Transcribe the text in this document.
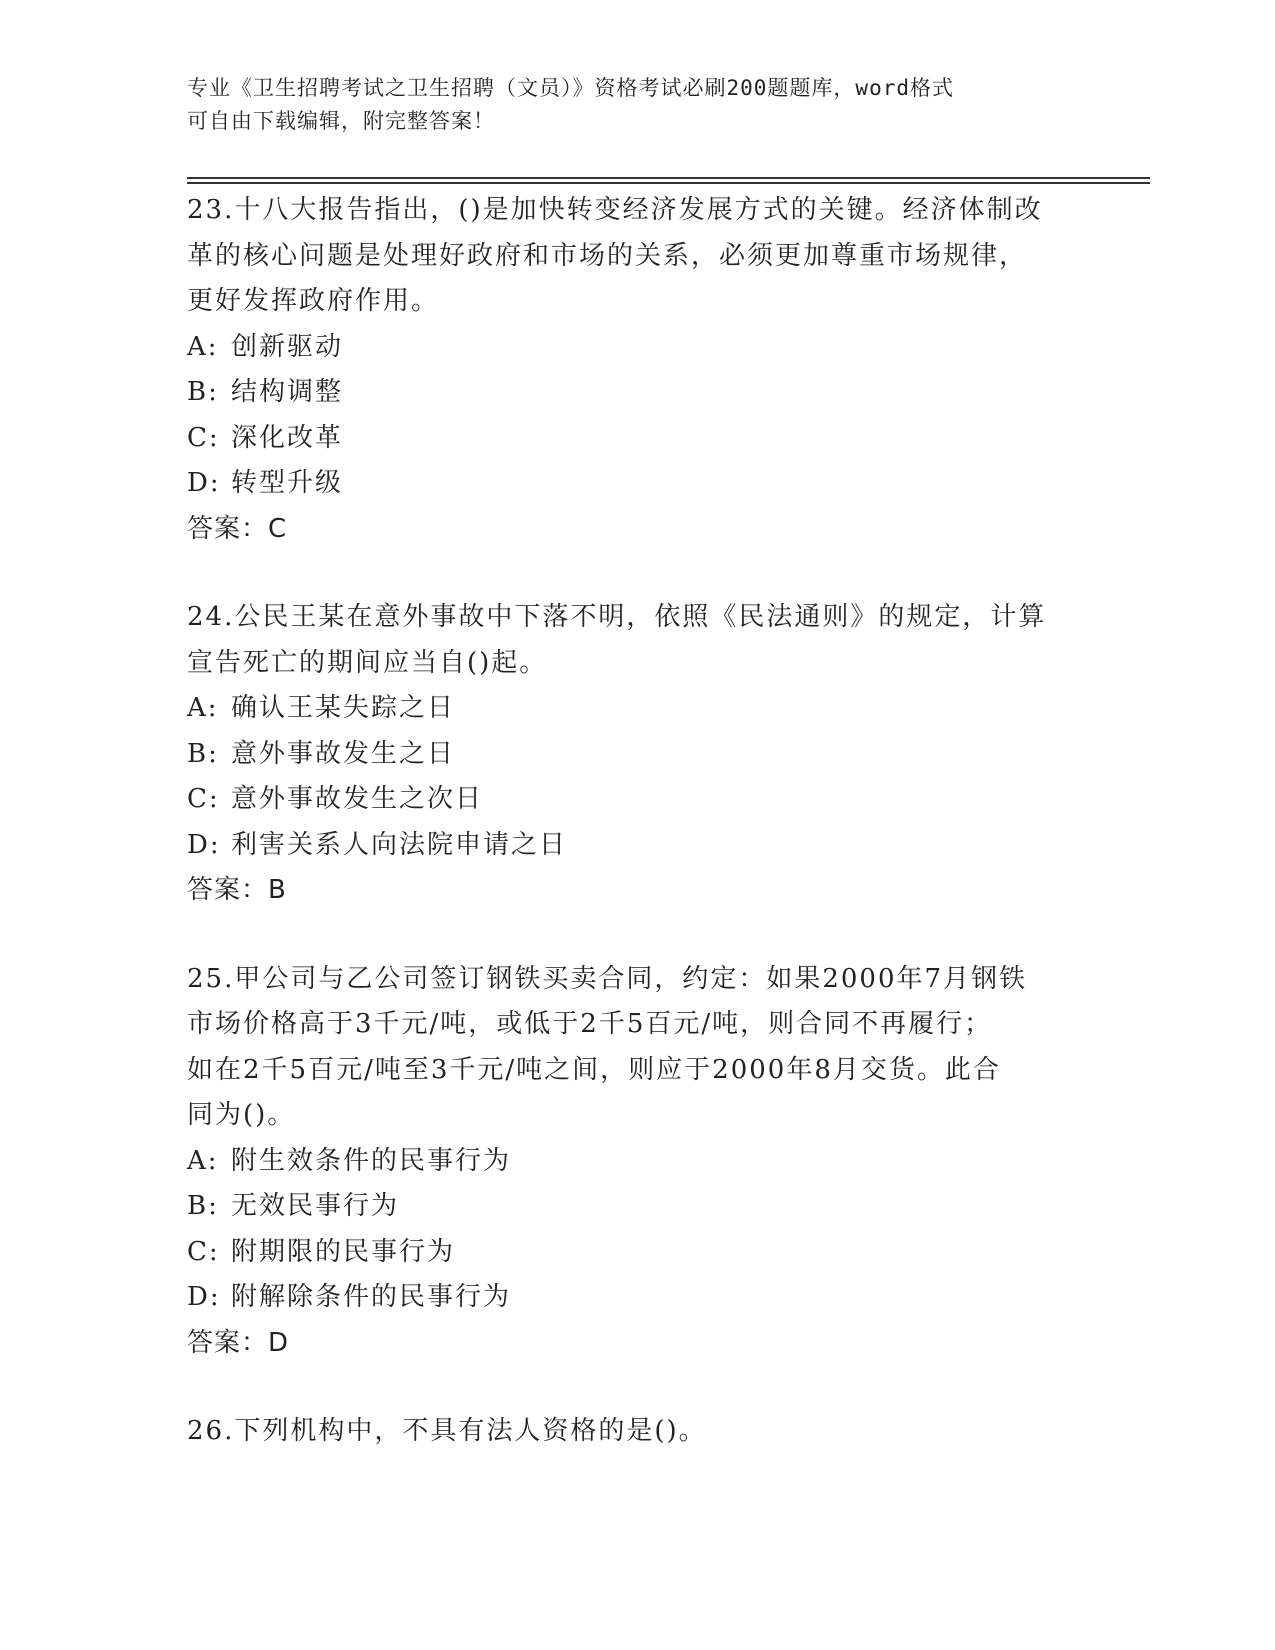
专业《卫生招聘考试之卫生招聘（文员）》资格考试必刷200题题库，word格式
可自由下载编辑，附完整答案！
23.十八大报告指出，()是加快转变经济发展方式的关键。经济体制改
革的核心问题是处理好政府和市场的关系，必须更加尊重市场规律，
更好发挥政府作用。
A: 创新驱动
B: 结构调整
C: 深化改革
D: 转型升级
答案：C
24.公民王某在意外事故中下落不明，依照《民法通则》的规定，计算
宣告死亡的期间应当自()起。
A: 确认王某失踪之日
B: 意外事故发生之日
C: 意外事故发生之次日
D: 利害关系人向法院申请之日
答案：B
25.甲公司与乙公司签订钢铁买卖合同，约定：如果2000年7月钢铁
市场价格高于3千元/吨，或低于2千5百元/吨，则合同不再履行；
如在2千5百元/吨至3千元/吨之间，则应于2000年8月交货。此合
同为()。
A: 附生效条件的民事行为
B: 无效民事行为
C: 附期限的民事行为
D: 附解除条件的民事行为
答案：D
26.下列机构中，不具有法人资格的是()。
